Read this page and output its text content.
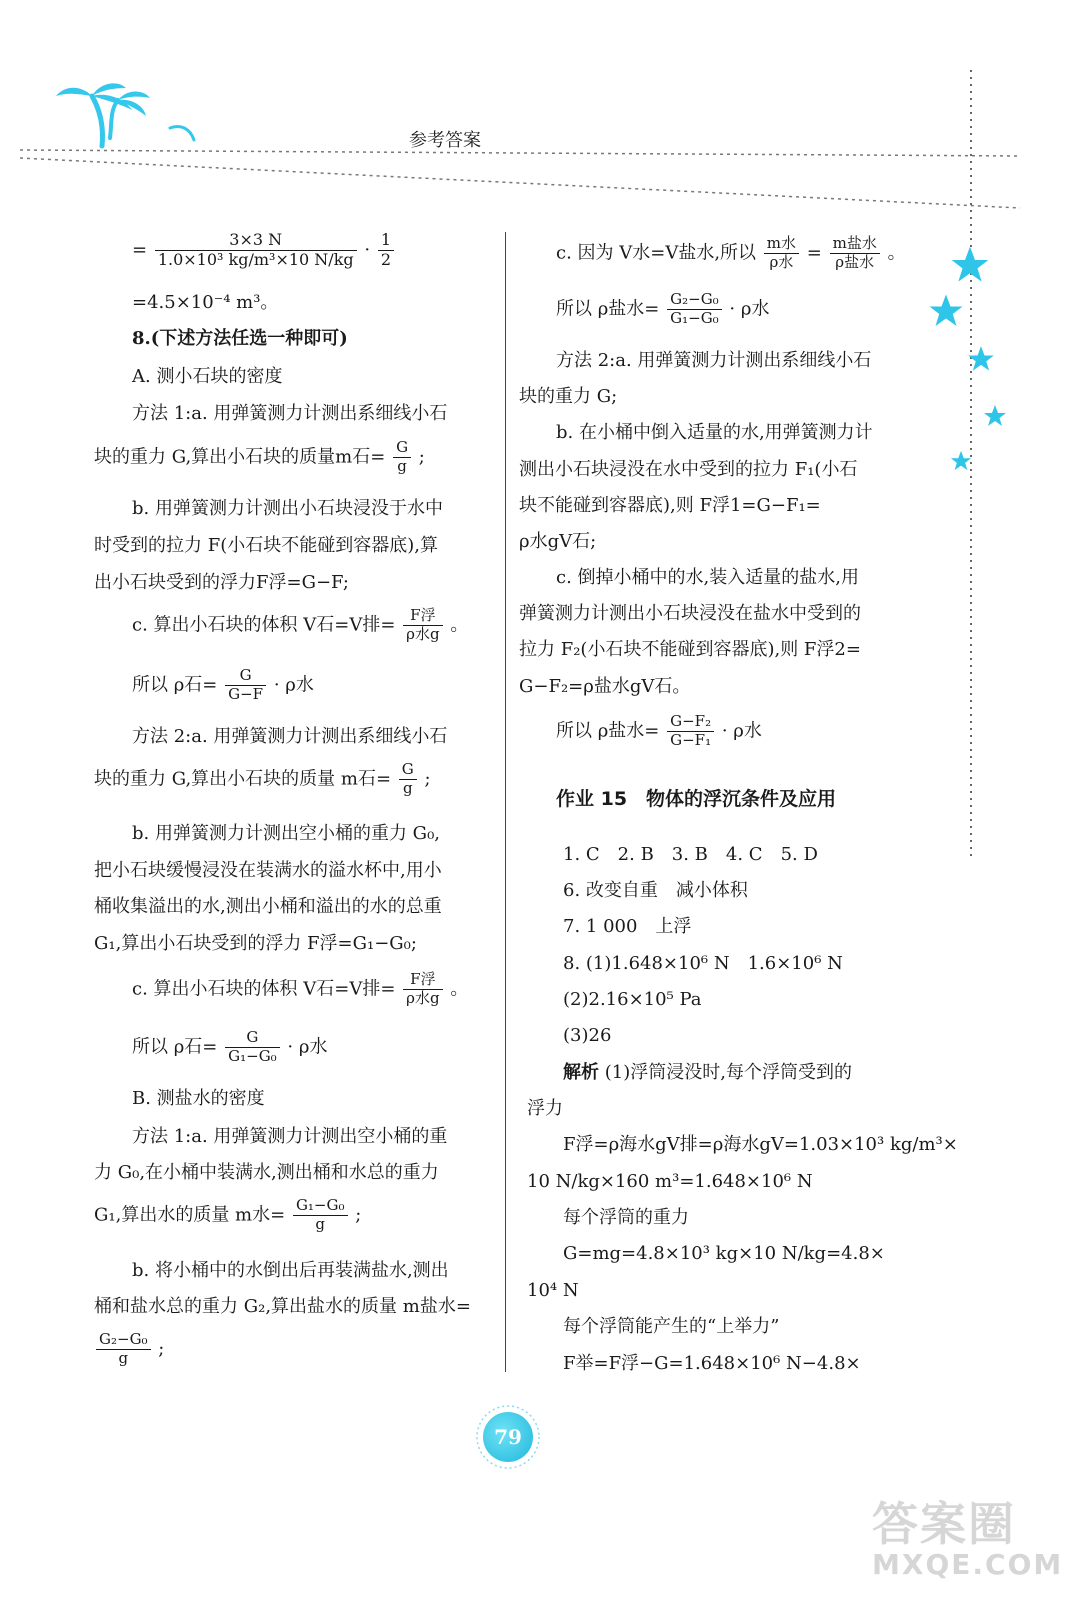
参考答案
= $\frac{3\times 3 N}{\text{1.0×10³ kg/m³×10 N/kg}} \cdot \frac{1}{2}$
=4.5×10⁻⁴ m³。
8.(下述方法任选一种即可)
A. 测小石块的密度
方法 1:a. 用弹簧测力计测出系细线小石
块的重力 G,算出小石块的质量m石= $\frac{G}{g}$ ;
b. 用弹簧测力计测出小石块浸没于水中
时受到的拉力 F(小石块不能碰到容器底),算
出小石块受到的浮力F浮=G−F;
c. 算出小石块的体积 V石=V排= $\frac{\text{F浮}}{\text{ρ水g}}$ 。
所以 ρ石= $\frac{G}{G-F} \cdot \rho$水
方法 2:a. 用弹簧测力计测出系细线小石
块的重力 G,算出小石块的质量 m石= $\frac{G}{g}$ ;
b. 用弹簧测力计测出空小桶的重力 G₀,
把小石块缓慢浸没在装满水的溢水杯中,用小
桶收集溢出的水,测出小桶和溢出的水的总重
G₁,算出小石块受到的浮力 F浮=G₁−G₀;
c. 算出小石块的体积 V石=V排= $\frac{\text{F浮}}{\text{ρ水g}}$ 。
所以 ρ石= $\frac{G}{\text{G₁−G₀}} \cdot \rho$水
B. 测盐水的密度
方法 1:a. 用弹簧测力计测出空小桶的重
力 G₀,在小桶中装满水,测出桶和水总的重力
G₁,算出水的质量 m水= $\frac{\text{G₁−G₀}}{g}$ ;
b. 将小桶中的水倒出后再装满盐水,测出
桶和盐水总的重力 G₂,算出盐水的质量 m盐水=
$\frac{\text{G₂−G₀}}{g}$ ;
c. 因为 V水=V盐水,所以 $\frac{\text{m水}}{\text{ρ水}} = \frac{\text{m盐水}}{\text{ρ盐水}}$ 。
所以 ρ盐水= $\frac{\text{G₂−G₀}}{\text{G₁−G₀}} \cdot \rho$水
方法 2:a. 用弹簧测力计测出系细线小石
块的重力 G;
b. 在小桶中倒入适量的水,用弹簧测力计
测出小石块浸没在水中受到的拉力 F₁(小石
块不能碰到容器底),则 F浮1=G−F₁=
ρ水gV石;
c. 倒掉小桶中的水,装入适量的盐水,用
弹簧测力计测出小石块浸没在盐水中受到的
拉力 F₂(小石块不能碰到容器底),则 F浮2=
G−F₂=ρ盐水gV石。
所以 ρ盐水= $\frac{\text{G−F₂}}{\text{G−F₁}} \cdot \rho$水
作业 15　物体的浮沉条件及应用
1. C　2. B　3. B　4. C　5. D
6. 改变自重　减小体积
7. 1 000　上浮
8. (1)1.648×10⁶ N　1.6×10⁶ N
(2)2.16×10⁵ Pa
(3)26
解析 (1)浮筒浸没时,每个浮筒受到的
浮力
F浮=ρ海水gV排=ρ海水gV=1.03×10³ kg/m³×
10 N/kg×160 m³=1.648×10⁶ N
每个浮筒的重力
G=mg=4.8×10³ kg×10 N/kg=4.8×
10⁴ N
每个浮筒能产生的“上举力”
F举=F浮−G=1.648×10⁶ N−4.8×
79
答案圈
MXQE.COM
